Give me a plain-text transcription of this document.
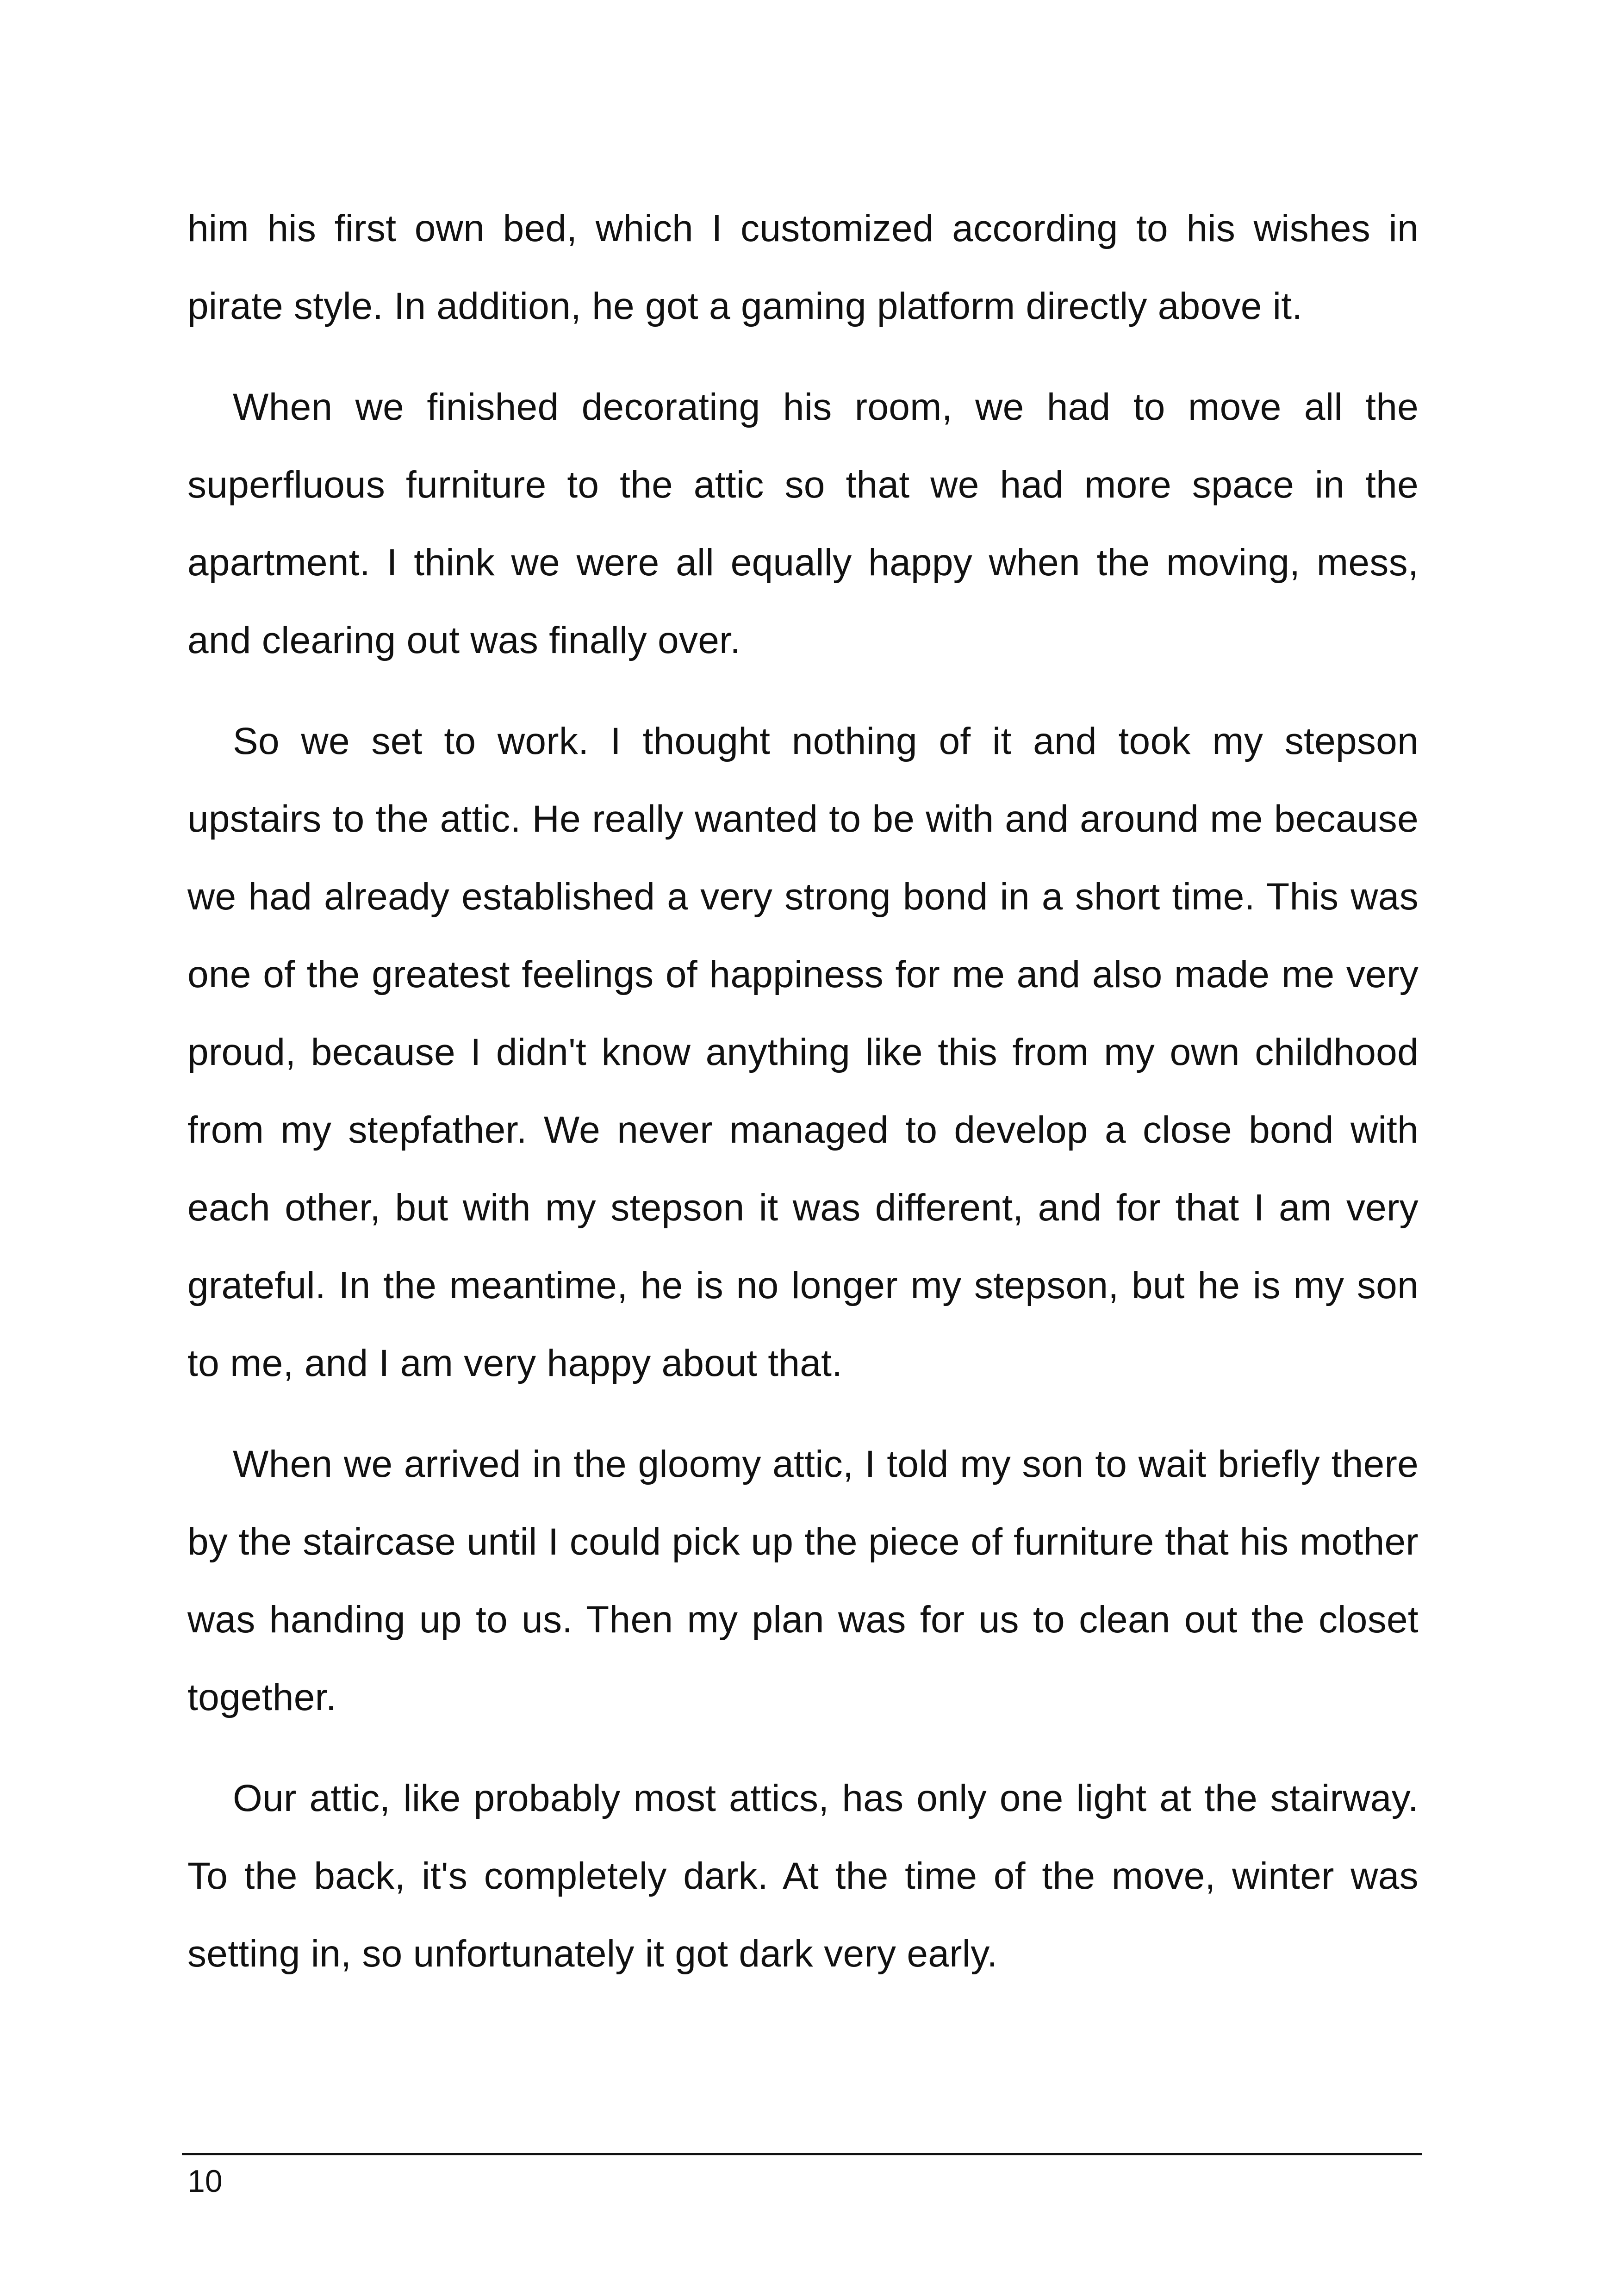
him his first own bed, which I customized according to his wishes in pirate style. In addition, he got a gaming platform directly above it.

When we finished decorating his room, we had to move all the superfluous furniture to the attic so that we had more space in the apartment. I think we were all equally happy when the moving, mess, and clearing out was finally over.

So we set to work. I thought nothing of it and took my stepson upstairs to the attic. He really wanted to be with and around me because we had already established a very strong bond in a short time. This was one of the greatest feelings of happiness for me and also made me very proud, because I didn't know anything like this from my own childhood from my stepfather. We never managed to develop a close bond with each other, but with my stepson it was different, and for that I am very grateful. In the meantime, he is no longer my stepson, but he is my son to me, and I am very happy about that.

When we arrived in the gloomy attic, I told my son to wait briefly there by the staircase until I could pick up the piece of furniture that his mother was handing up to us. Then my plan was for us to clean out the closet together.

Our attic, like probably most attics, has only one light at the stairway. To the back, it's completely dark. At the time of the move, winter was setting in, so unfortunately it got dark very early.

10
